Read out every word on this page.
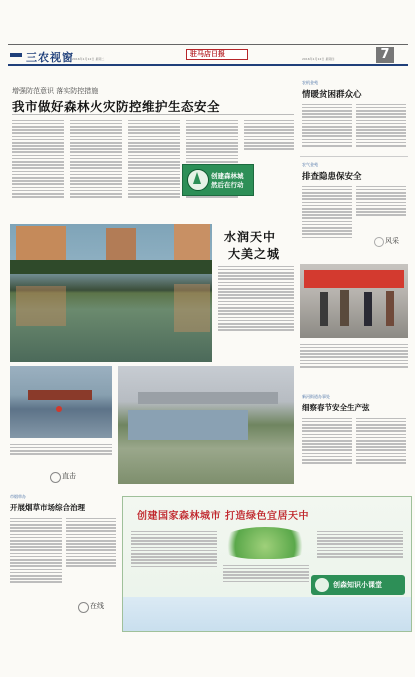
三农视窗	驻马店日报
2016年1月12日 星期二	2016年1月12日 星期四	7
增强防范意识 落实防控措施
我市做好森林火灾防控维护生态安全
创建森林城
然后在行动
农机金苑
情暖贫困群众心
农气金苑
排查隐患保安全
风采
水润天中
大美之城
直击
新河街道办事处
细察春节安全生产弦
市烟草办
开展烟草市场综合治理
在线
创建国家森林城市 打造绿色宜居天中
创森知识小课堂
